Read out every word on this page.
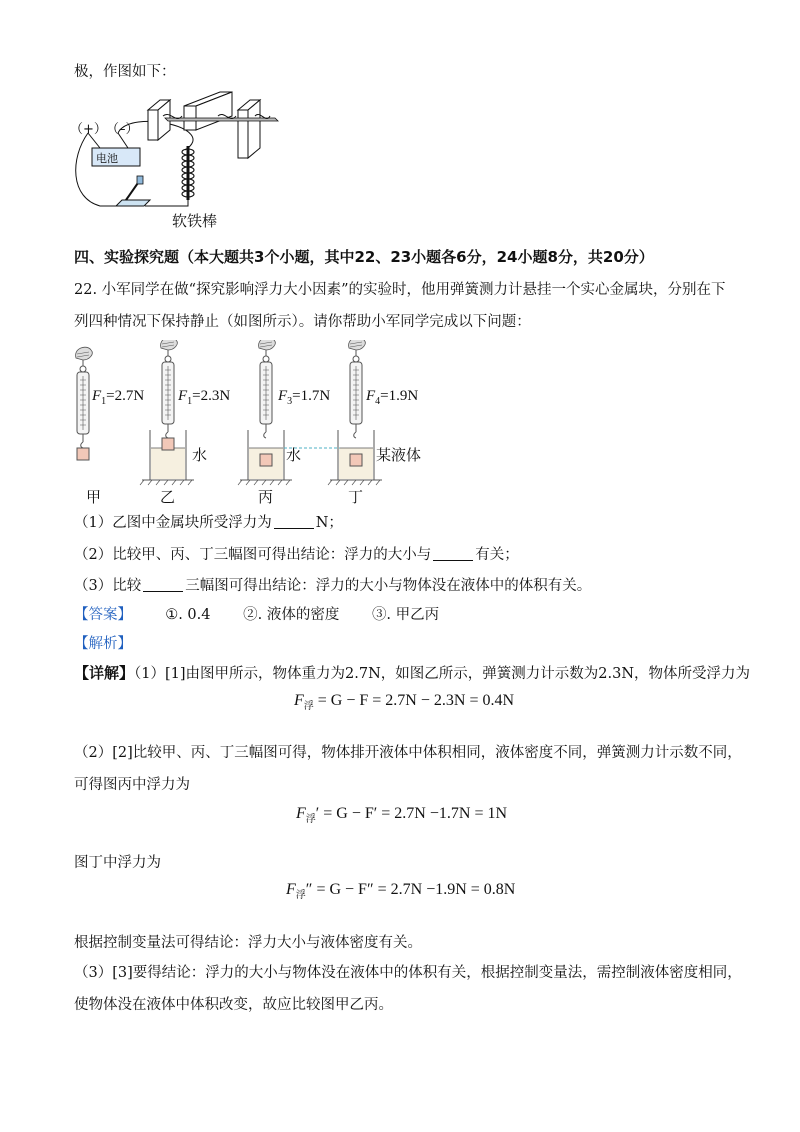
极，作图如下：
（+） （–）
电池
软铁棒
四、实验探究题（本大题共3个小题，其中22、23小题各6分，24小题8分，共20分）
22. 小军同学在做“探究影响浮力大小因素”的实验时，他用弹簧测力计悬挂一个实心金属块，分别在下
列四种情况下保持静止（如图所示）。请你帮助小军同学完成以下问题：
$F_1=2.7N$ $F_1=2.3N$	$F_3=1.7N$ $F_4=1.9N$
水	水	某液体
甲	乙	丙	丁
（1）乙图中金属块所受浮力为	N；
（2）比较甲、丙、丁三幅图可得出结论：浮力的大小与	有关；
（3）比较	三幅图可得出结论：浮力的大小与物体没在液体中的体积有关。
【答案】 ①. 0.4 ②. 液体的密度 ③. 甲乙丙
【解析】
【详解】（1）[1]由图甲所示，物体重力为2.7N，如图乙所示，弹簧测力计示数为2.3N，物体所受浮力为
$F_浮 = G - F = 2.7N - 2.3N = 0.4N$
（2）[2]比较甲、丙、丁三幅图可得，物体排开液体中体积相同，液体密度不同，弹簧测力计示数不同，
可得图丙中浮力为
$F_浮' = G - F' = 2.7N -1.7N = 1N$
图丁中浮力为
$F_浮'' = G - F'' = 2.7N -1.9N = 0.8N$
根据控制变量法可得结论：浮力大小与液体密度有关。
（3）[3]要得结论：浮力的大小与物体没在液体中的体积有关，根据控制变量法，需控制液体密度相同，
使物体没在液体中体积改变，故应比较图甲乙丙。
